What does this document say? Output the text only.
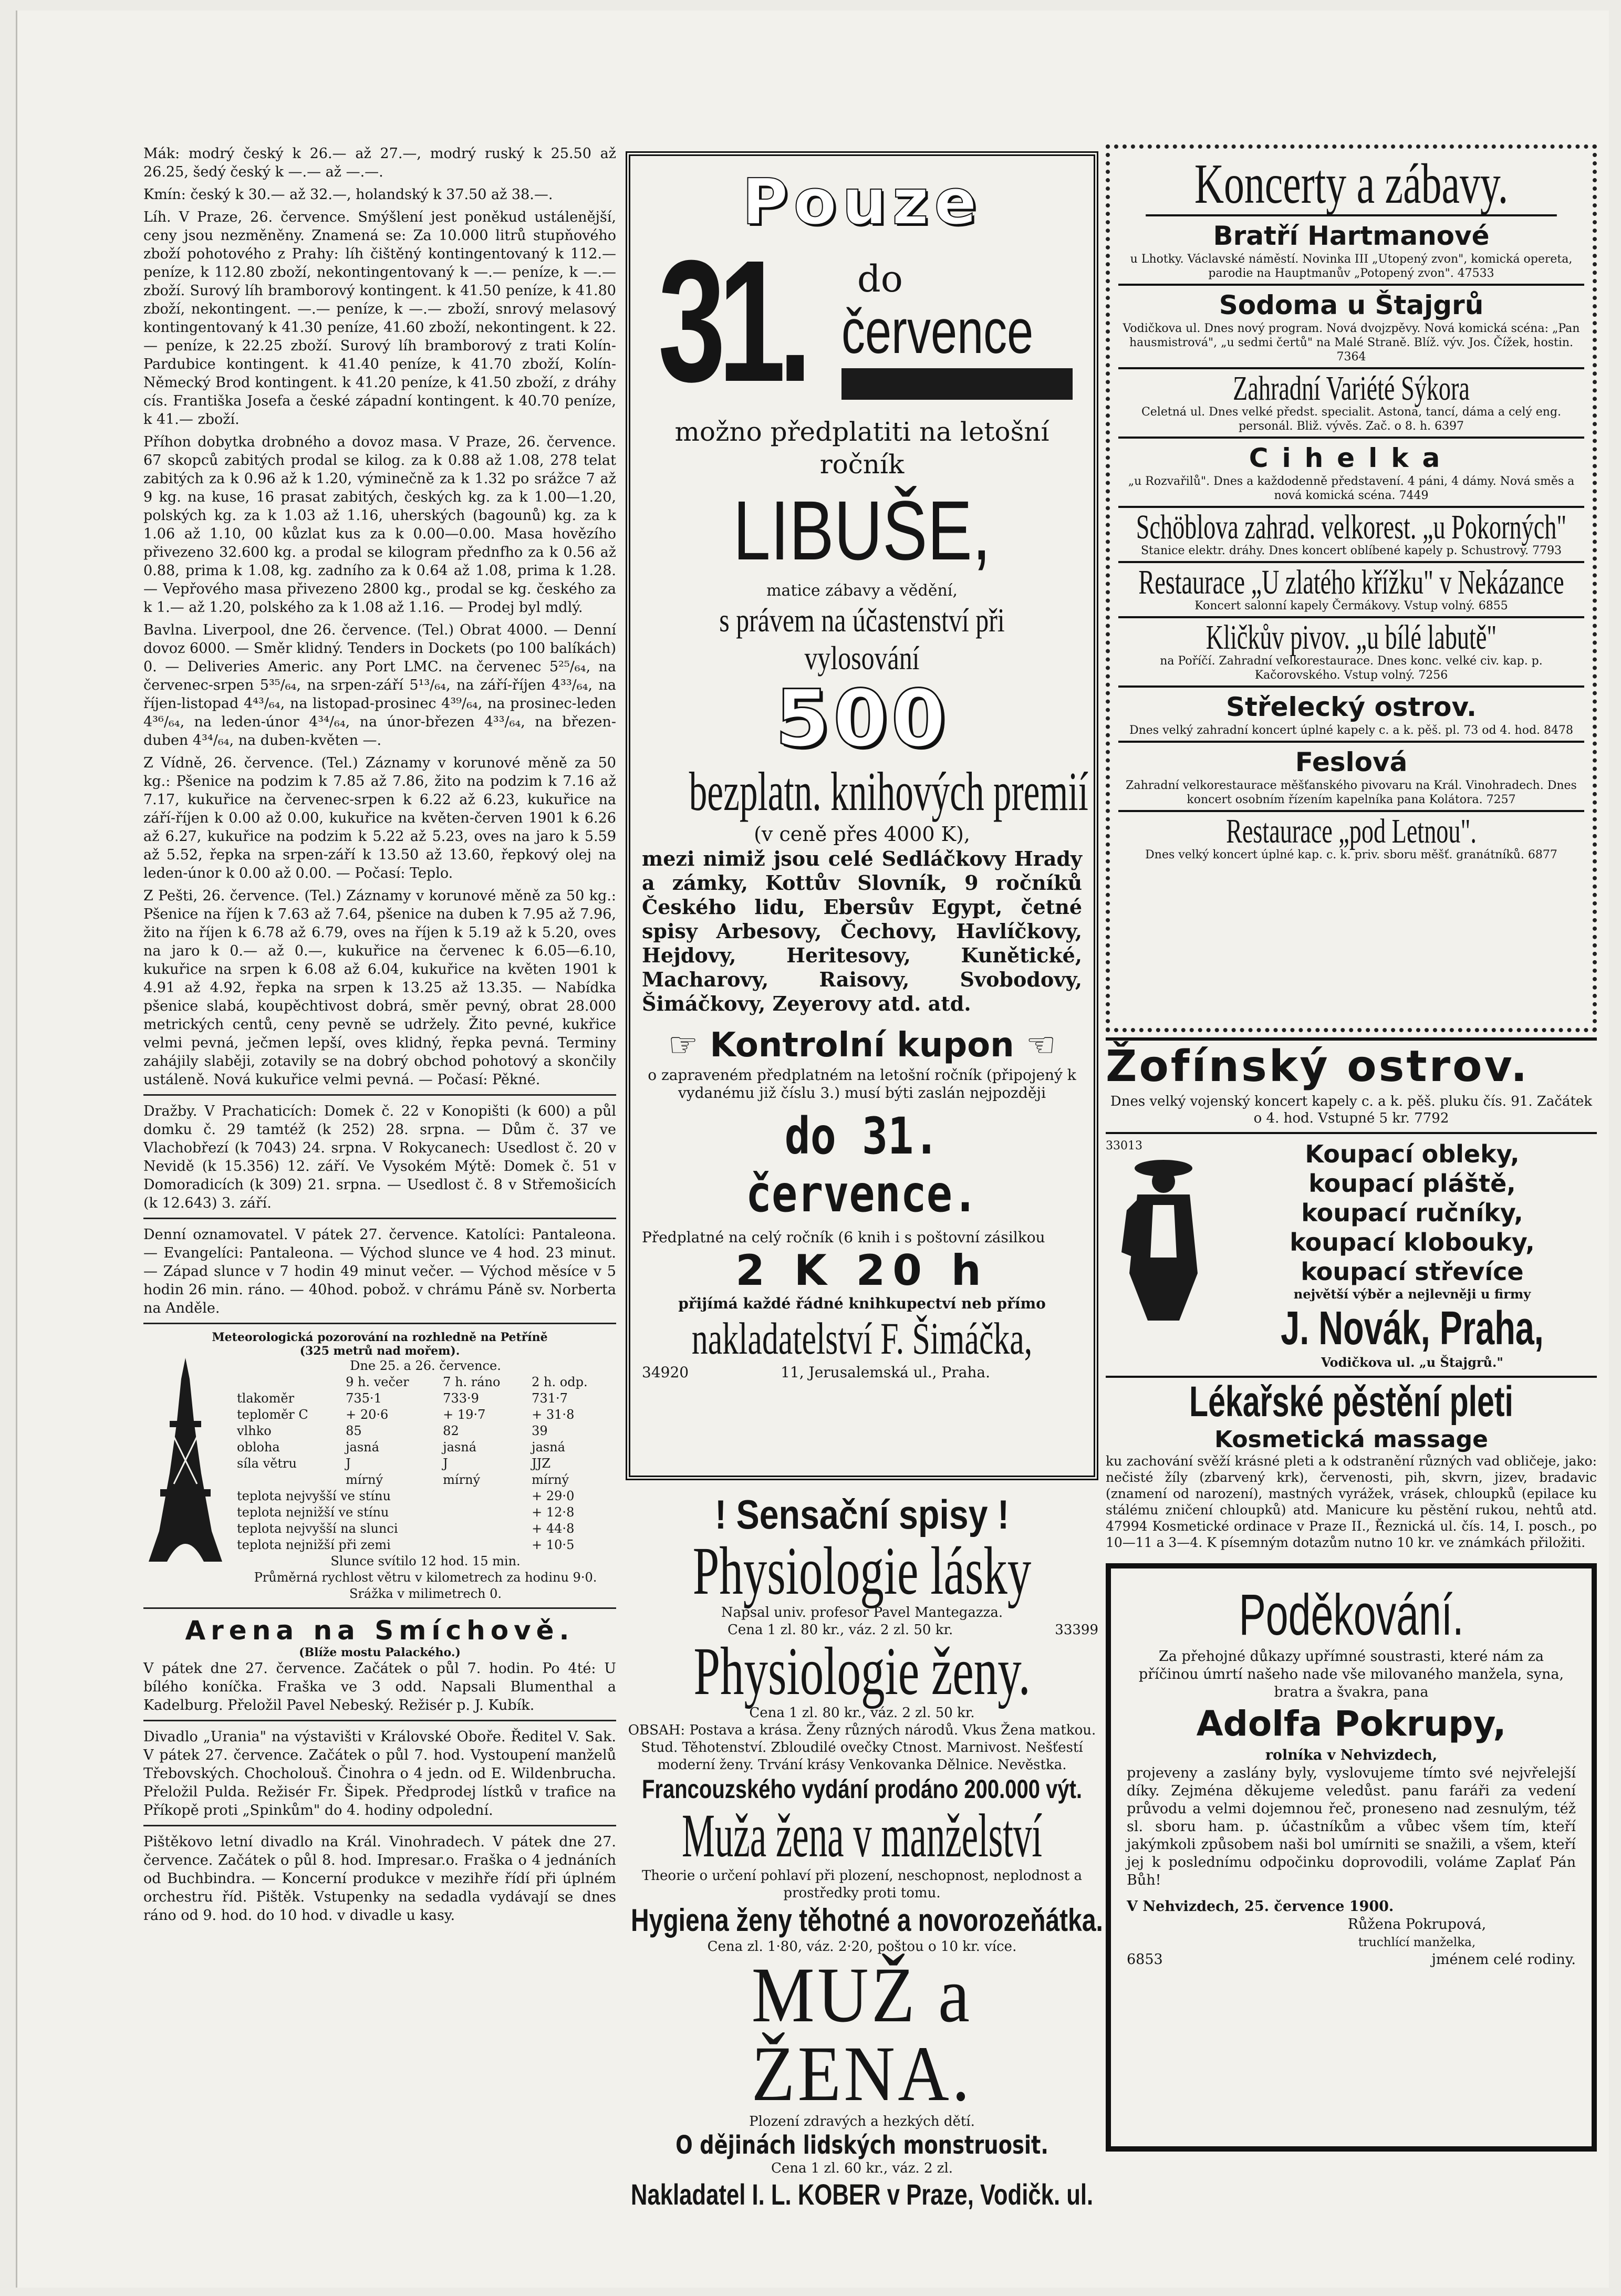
Mák: modrý český k 26.— až 27.—, modrý ruský k 25.50 až 26.25, šedý český k —.— až —.—.

Kmín: český k 30.— až 32.—, holandský k 37.50 až 38.—.

Líh. V Praze, 26. července. Smýšlení jest poněkud ustálenější, ceny jsou nezměněny. Znamená se: Za 10.000 litrů stupňového zboží pohotového z Prahy: líh čištěný kontingentovaný k 112.— peníze, k 112.80 zboží, nekontingentovaný k —.— peníze, k —.— zboží. Surový líh bramborový kontingent. k 41.50 peníze, k 41.80 zboží, nekontingent. —.— peníze, k —.— zboží, snrový melasový kontingentovaný k 41.30 peníze, 41.60 zboží, nekontingent. k 22.— peníze, k 22.25 zboží. Surový líh bramborový z trati Kolín-Pardubice kontingent. k 41.40 peníze, k 41.70 zboží, Kolín-Německý Brod kontingent. k 41.20 peníze, k 41.50 zboží, z dráhy cís. Františka Josefa a české západní kontingent. k 40.70 peníze, k 41.— zboží.

Příhon dobytka drobného a dovoz masa. V Praze, 26. července. 67 skopců zabitých prodal se kilog. za k 0.88 až 1.08, 278 telat zabitých za k 0.96 až k 1.20, výminečně za k 1.32 po srážce 7 až 9 kg. na kuse, 16 prasat zabitých, českých kg. za k 1.00—1.20, polských kg. za k 1.03 až 1.16, uherských (bagounů) kg. za k 1.06 až 1.10, 00 kůzlat kus za k 0.00—0.00. Masa hovězího přivezeno 32.600 kg. a prodal se kilogram přednfho za k 0.56 až 0.88, prima k 1.08, kg. zadního za k 0.64 až 1.08, prima k 1.28. — Vepřového masa přivezeno 2800 kg., prodal se kg. českého za k 1.— až 1.20, polského za k 1.08 až 1.16. — Prodej byl mdlý.

Bavlna. Liverpool, dne 26. července. (Tel.) Obrat 4000. — Denní dovoz 6000. — Směr klidný. Tenders in Dockets (po 100 balíkách) 0. — Deliveries Americ. any Port LMC. na červenec 5²⁵/₆₄, na červenec-srpen 5³⁵/₆₄, na srpen-září 5¹³/₆₄, na září-říjen 4³³/₆₄, na říjen-listopad 4⁴³/₆₄, na listopad-prosinec 4³⁹/₆₄, na prosinec-leden 4³⁶/₆₄, na leden-únor 4³⁴/₆₄, na únor-březen 4³³/₆₄, na březen-duben 4³⁴/₆₄, na duben-květen —.

Z Vídně, 26. července. (Tel.) Záznamy v korunové měně za 50 kg.: Pšenice na podzim k 7.85 až 7.86, žito na podzim k 7.16 až 7.17, kukuřice na červenec-srpen k 6.22 až 6.23, kukuřice na září-říjen k 0.00 až 0.00, kukuřice na květen-červen 1901 k 6.26 až 6.27, kukuřice na podzim k 5.22 až 5.23, oves na jaro k 5.59 až 5.52, řepka na srpen-září k 13.50 až 13.60, řepkový olej na leden-únor k 0.00 až 0.00. — Počasí: Teplo.

Z Pešti, 26. července. (Tel.) Záznamy v korunové měně za 50 kg.: Pšenice na říjen k 7.63 až 7.64, pšenice na duben k 7.95 až 7.96, žito na říjen k 6.78 až 6.79, oves na říjen k 5.19 až k 5.20, oves na jaro k 0.— až 0.—, kukuřice na červenec k 6.05—6.10, kukuřice na srpen k 6.08 až 6.04, kukuřice na květen 1901 k 4.91 až 4.92, řepka na srpen k 13.25 až 13.35. — Nabídka pšenice slabá, koupěchtivost dobrá, směr pevný, obrat 28.000 metrických centů, ceny pevně se udržely. Žito pevné, kukřice velmi pevná, ječmen lepší, oves klidný, řepka pevná. Terminy zahájily slaběji, zotavily se na dobrý obchod pohotový a skončily ustáleně. Nová kukuřice velmi pevná. — Počasí: Pěkné.

Dražby. V Prachaticích: Domek č. 22 v Konopišti (k 600) a půl domku č. 29 tamtéž (k 252) 28. srpna. — Dům č. 37 ve Vlachobřezí (k 7043) 24. srpna. V Rokycanech: Usedlost č. 20 v Nevidě (k 15.356) 12. září. Ve Vysokém Mýtě: Domek č. 51 v Domoradicích (k 309) 21. srpna. — Usedlost č. 8 v Střemošicích (k 12.643) 3. září.

Denní oznamovatel. V pátek 27. července. Katolíci: Pantaleona. — Evangelíci: Pantaleona. — Východ slunce ve 4 hod. 23 minut. — Západ slunce v 7 hodin 49 minut večer. — Východ měsíce v 5 hodin 26 min. ráno. — 40hod. pobož. v chrámu Páně sv. Norberta na Anděle.

Meteorologická pozorování na rozhledně na Petříně
(325 metrů nad mořem).
Dne 25. a 26. července.
	9 h. večer	7 h. ráno	2 h. odp.
tlakoměr	735·1	733·9	731·7
teploměr C	+ 20·6	+ 19·7	+ 31·8
vlhko	85	82	39
obloha	jasná	jasná	jasná
síla větru	J	J	JJZ
	mírný	mírný	mírný
teplota nejvyšší ve stínu			+ 29·0
teplota nejnižší ve stínu			+ 12·8
teplota nejvyšší na slunci			+ 44·8
teplota nejnižší při zemi			+ 10·5
Slunce svítilo 12 hod. 15 min.
Průměrná rychlost větru v kilometrech za hodinu 9·0.
Srážka v milimetrech 0.
Arena na Smíchově.
(Blíže mostu Palackého.)

V pátek dne 27. července. Začátek o půl 7. hodin. Po 4té: U bílého koníčka. Fraška ve 3 odd. Napsali Blumenthal a Kadelburg. Přeložil Pavel Nebeský. Režisér p. J. Kubík.

Divadlo „Urania" na výstavišti v Královské Oboře. Ředitel V. Sak. V pátek 27. července. Začátek o půl 7. hod. Vystoupení manželů Třebovských. Chocholouš. Činohra o 4 jedn. od E. Wildenbrucha. Přeložil Pulda. Režisér Fr. Šipek. Předprodej lístků v trafice na Příkopě proti „Spinkům" do 4. hodiny odpolední.

Pištěkovo letní divadlo na Král. Vinohradech. V pátek dne 27. července. Začátek o půl 8. hod. Impresar.o. Fraška o 4 jednáních od Buchbindra. — Koncerní produkce v mezihře řídí při úplném orchestru říd. Pištěk. Vstupenky na sedadla vydávají se dnes ráno od 9. hod. do 10 hod. v divadle u kasy.

Pouze
31.	do
července
možno předplatiti na letošní ročník
LIBUŠE,
matice zábavy a vědění,
s právem na účastenství při vylosování
500
bezplatn. knihových premií
(v ceně přes 4000 K),
mezi nimiž jsou celé Sedláčkovy Hrady a zámky, Kottův Slovník, 9 ročníků Českého lidu, Ebersův Egypt, četné spisy Arbesovy, Čechovy, Havlíčkovy, Hejdovy, Heritesovy, Kunětické, Macharovy, Raisovy, Svobodovy, Šimáčkovy, Zeyerovy atd. atd.
☞ Kontrolní kupon ☜
o zapraveném předplatném na letošní ročník (připojený k vydanému již číslu 3.) musí býti zaslán nejpozději
do 31. července.
Předplatné na celý ročník (6 knih i s poštovní zásilkou
2 K 20 h
přijímá každé řádné knihkupectví neb přímo
nakladatelství F. Šimáčka,
34920	11, Jerusalemská ul., Praha.
! Sensační spisy !
Physiologie lásky
Napsal univ. profesor Pavel Mantegazza.
Cena 1 zl. 80 kr., váz. 2 zl. 50 kr.	33399
Physiologie ženy.
Cena 1 zl. 80 kr., váz. 2 zl. 50 kr.
OBSAH: Postava a krása. Ženy různých národů. Vkus Žena matkou. Stud. Těhotenství. Zbloudilé ovečky Ctnost. Marnivost. Nešťestí moderní ženy. Trvání krásy Venkovanka Dělnice. Nevěstka.
Francouzského vydání prodáno 200.000 výt.
Muža žena v manželství
Theorie o určení pohlaví při plození, neschopnost, neplodnost a prostředky proti tomu.
Hygiena ženy těhotné a novorozeňátka.
Cena zl. 1·80, váz. 2·20, poštou o 10 kr. více.
MUŽ a ŽENA.
Plození zdravých a hezkých dětí.
O dějinách lidských monstruosit.
Cena 1 zl. 60 kr., váz. 2 zl.
Nakladatel I. L. KOBER v Praze, Vodičk. ul.
Koncerty a zábavy.
Bratří Hartmanové
u Lhotky. Václavské náměstí. Novinka III „Utopený zvon", komická opereta, parodie na Hauptmanův „Potopený zvon". 47533
Sodoma u Štajgrů
Vodičkova ul. Dnes nový program. Nová dvojzpěvy. Nová komická scéna: „Pan hausmistrová", „u sedmi čertů" na Malé Straně. Blíž. výv. Jos. Čížek, hostin. 7364
Zahradní Variété Sýkora
Celetná ul. Dnes velké předst. specialit. Astona, tancí, dáma a celý eng. personál. Bliž. vývěs. Zač. o 8. h. 6397
Cihelka
„u Rozvařilů". Dnes a každodenně představení. 4 páni, 4 dámy. Nová směs a nová komická scéna. 7449
Schöblova zahrad. velkorest. „u Pokorných"
Stanice elektr. dráhy. Dnes koncert oblíbené kapely p. Schustrovy. 7793
Restaurace „U zlatého křížku" v Nekázance
Koncert salonní kapely Čermákovy. Vstup volný. 6855
Kličkův pivov. „u bílé labutě"
na Poříčí. Zahradní velkorestaurace. Dnes konc. velké civ. kap. p. Kačorovského. Vstup volný. 7256
Střelecký ostrov.
Dnes velký zahradní koncert úplné kapely c. a k. pěš. pl. 73 od 4. hod. 8478
Feslová
Zahradní velkorestaurace měšťanského pivovaru na Král. Vinohradech. Dnes koncert osobním řízením kapelníka pana Kolátora. 7257
Restaurace „pod Letnou".
Dnes velký koncert úplné kap. c. k. priv. sboru měšť. granátníků. 6877
Žofínský ostrov.
Dnes velký vojenský koncert kapely c. a k. pěš. pluku čís. 91. Začátek o 4. hod. Vstupné 5 kr. 7792
33013	Koupací obleky,
koupací pláště,
koupací ručníky,
koupací klobouky,
koupací střevíce
největší výběr a nejlevněji u firmy
J. Novák, Praha,
Vodičkova ul. „u Štajgrů."
Lékařské pěstění pleti
Kosmetická massage
ku zachování svěží krásné pleti a k odstranění různých vad obličeje, jako: nečisté žíly (zbarvený krk), červenosti, pih, skvrn, jizev, bradavic (znamení od narození), mastných vyrážek, vrásek, chloupků (epilace ku stálému zničení chloupků) atd. Manicure ku pěstění rukou, nehtů atd. 47994 Kosmetické ordinace v Praze II., Řeznická ul. čís. 14, I. posch., po 10—11 a 3—4. K písemným dotazům nutno 10 kr. ve známkách přiložiti.
Poděkování.
Za přehojné důkazy upřímné soustrasti, které nám za příčinou úmrtí našeho nade vše milovaného manžela, syna, bratra a švakra, pana
Adolfa Pokrupy,
rolníka v Nehvizdech,
projeveny a zaslány byly, vyslovujeme tímto své nejvřelejší díky. Zejména děkujeme veledůst. panu faráři za vedení průvodu a velmi dojemnou řeč, proneseno nad zesnulým, též sl. sboru ham. p. účastníkům a vůbec všem tím, kteří jakýmkoli způsobem naši bol umírniti se snažili, a všem, kteří jej k poslednímu odpočinku doprovodili, voláme Zaplať Pán Bůh!
V Nehvizdech, 25. července 1900.
Růžena Pokrupová,
truchlící manželka,
6853	jménem celé rodiny.
